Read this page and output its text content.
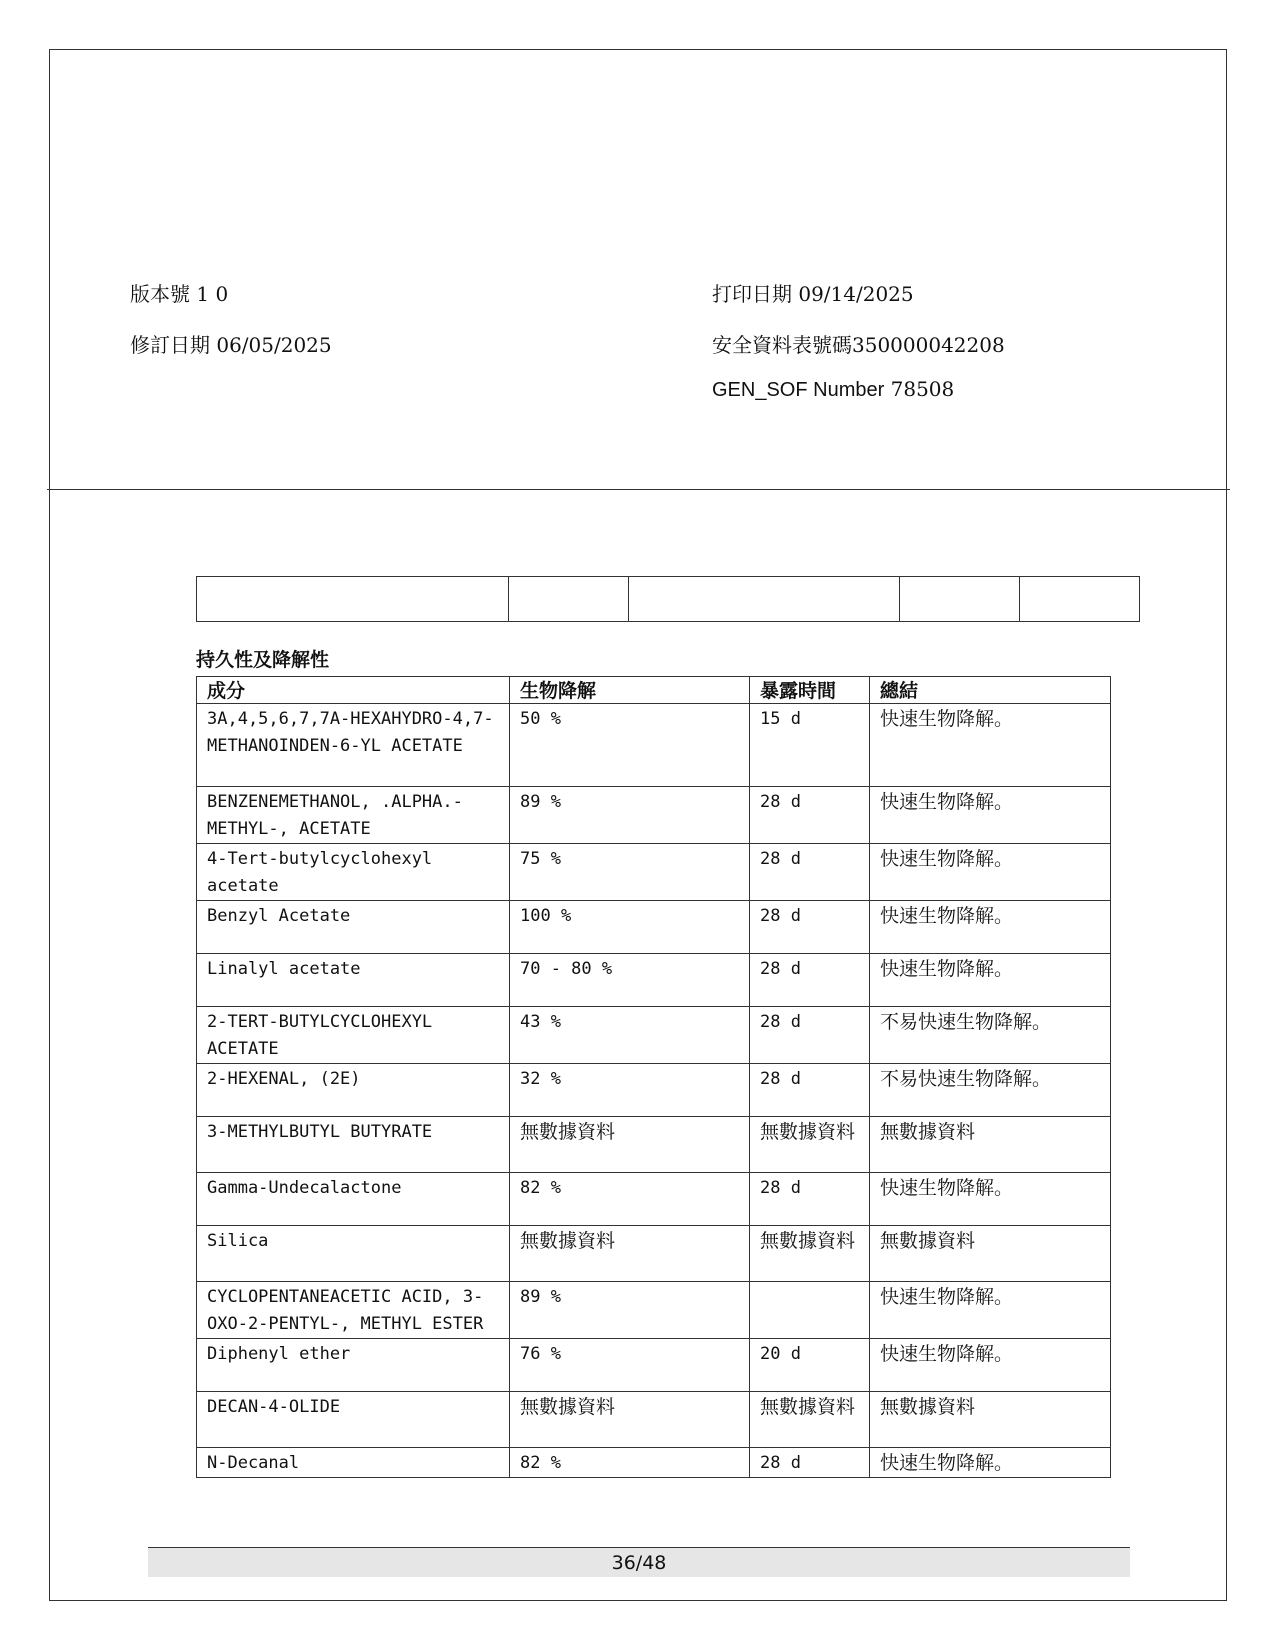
版本號 1 0
修訂日期 06/05/2025
打印日期 09/14/2025
安全資料表號碼350000042208
GEN_SOF Number 78508

持久性及降解性
成分	生物降解	暴露時間	總結
3A,4,5,6,7,7A-HEXAHYDRO-4,7-METHANOINDEN-6-YL ACETATE	50 %	15 d	快速生物降解。
BENZENEMETHANOL, .ALPHA.-METHYL-, ACETATE	89 %	28 d	快速生物降解。
4-Tert-butylcyclohexyl acetate	75 %	28 d	快速生物降解。
Benzyl Acetate	100 %	28 d	快速生物降解。
Linalyl acetate	70 - 80 %	28 d	快速生物降解。
2-TERT-BUTYLCYCLOHEXYL ACETATE	43 %	28 d	不易快速生物降解。
2-HEXENAL, (2E)	32 %	28 d	不易快速生物降解。
3-METHYLBUTYL BUTYRATE	無數據資料	無數據資料	無數據資料
Gamma-Undecalactone	82 %	28 d	快速生物降解。
Silica	無數據資料	無數據資料	無數據資料
CYCLOPENTANEACETIC ACID, 3-OXO-2-PENTYL-, METHYL ESTER	89 %		快速生物降解。
Diphenyl ether	76 %	20 d	快速生物降解。
DECAN-4-OLIDE	無數據資料	無數據資料	無數據資料
N-Decanal	82 %	28 d	快速生物降解。
36/48
